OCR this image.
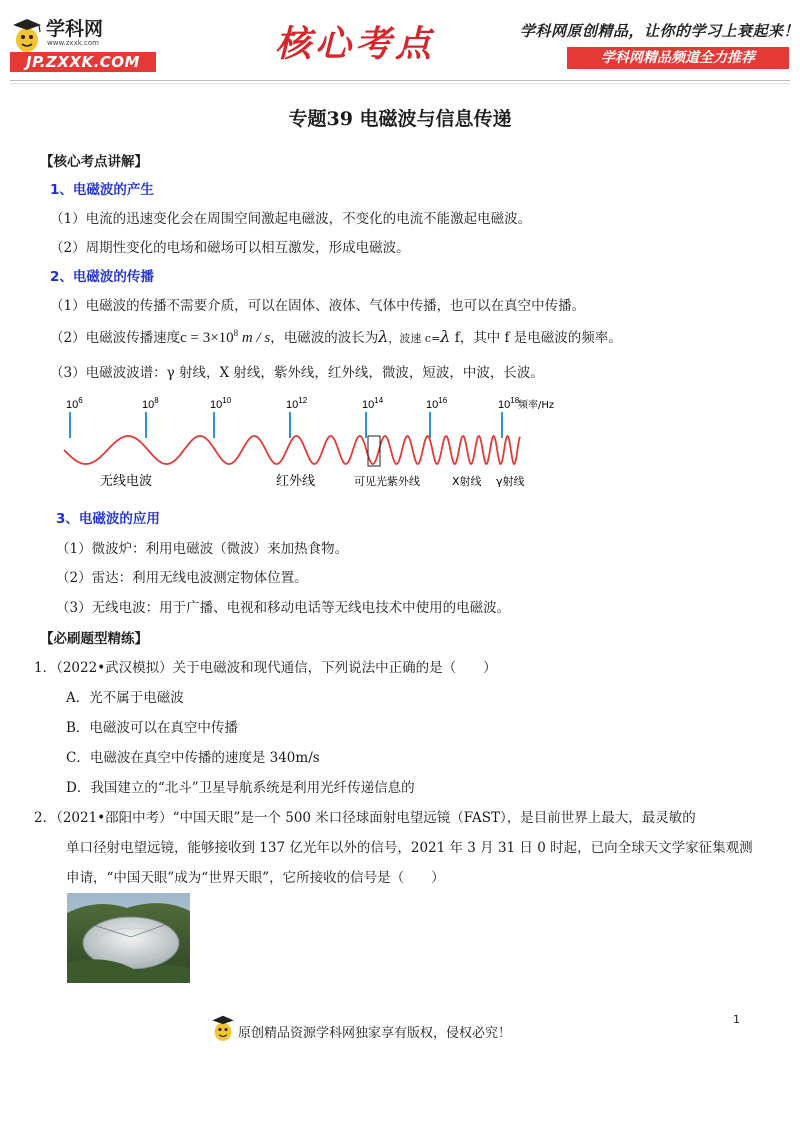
学科网
www.zxxk.com
JP.ZXXK.COM	核心考点	学科网原创精品，让你的学习上衰起来！
学科网精品频道全力推荐
专题39 电磁波与信息传递
【核心考点讲解】
1、电磁波的产生
（1）电流的迅速变化会在周围空间激起电磁波，不变化的电流不能激起电磁波。
（2）周期性变化的电场和磁场可以相互激发，形成电磁波。
2、电磁波的传播
（1）电磁波的传播不需要介质，可以在固体、液体、气体中传播，也可以在真空中传播。
（2）电磁波传播速度$c = 3\times 10^8$ m / s，电磁波的波长为λ，波速 c=λ f，其中 f 是电磁波的频率。
（3）电磁波波谱：γ 射线，X 射线，紫外线，红外线，微波，短波，中波，长波。
$10^6$	$10^8$	$10^{10}$	$10^{12}$	$10^{14}$	$10^{16}$	$10^{18}$
频率/Hz
无线电波	红外线	可见光紫外线	X射线 γ射线
3、电磁波的应用
（1）微波炉：利用电磁波（微波）来加热食物。
（2）雷达：利用无线电波测定物体位置。
（3）无线电波：用于广播、电视和移动电话等无线电技术中使用的电磁波。
【必刷题型精练】
1．（2022•武汉模拟）关于电磁波和现代通信，下列说法中正确的是（　　）
A．光不属于电磁波
B．电磁波可以在真空中传播
C．电磁波在真空中传播的速度是 340m/s
D．我国建立的“北斗”卫星导航系统是利用光纤传递信息的
2．（2021•邵阳中考）“中国天眼”是一个 500 米口径球面射电望远镜（FAST），是目前世界上最大，最灵敏的
单口径射电望远镜，能够接收到 137 亿光年以外的信号，2021 年 3 月 31 日 0 时起，已向全球天文学家征集观测
申请，“中国天眼”成为“世界天眼”，它所接收的信号是（　　）
原创精品资源学科网独家享有版权，侵权必究！
1
